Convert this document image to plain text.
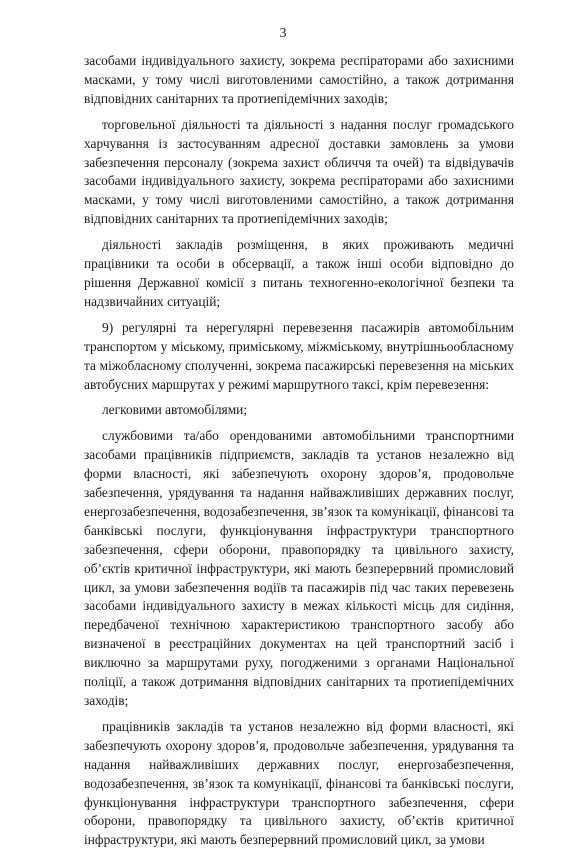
3

засобами індивідуального захисту, зокрема респіраторами або захисними масками, у тому числі виготовленими самостійно, а також дотримання відповідних санітарних та протиепідемічних заходів;

торговельної діяльності та діяльності з надання послуг громадського харчування із застосуванням адресної доставки замовлень за умови забезпечення персоналу (зокрема захист обличчя та очей) та відвідувачів засобами індивідуального захисту, зокрема респіраторами або захисними масками, у тому числі виготовленими самостійно, а також дотримання відповідних санітарних та протиепідемічних заходів;

діяльності закладів розміщення, в яких проживають медичні працівники та особи в обсервації, а також інші особи відповідно до рішення Державної комісії з питань техногенно-екологічної безпеки та надзвичайних ситуацій;

9) регулярні та нерегулярні перевезення пасажирів автомобільним транспортом у міському, приміському, міжміському, внутрішньообласному та міжобласному сполученні, зокрема пасажирські перевезення на міських автобусних маршрутах у режимі маршрутного таксі, крім перевезення:

легковими автомобілями;

службовими та/або орендованими автомобільними транспортними засобами працівників підприємств, закладів та установ незалежно від форми власності, які забезпечують охорону здоров’я, продовольче забезпечення, урядування та надання найважливіших державних послуг, енергозабезпечення, водозабезпечення, зв’язок та комунікації, фінансові та банківські послуги, функціонування інфраструктури транспортного забезпечення, сфери оборони, правопорядку та цивільного захисту, об’єктів критичної інфраструктури, які мають безперервний промисловий цикл, за умови забезпечення водіїв та пасажирів під час таких перевезень засобами індивідуального захисту в межах кількості місць для сидіння, передбаченої технічною характеристикою транспортного засобу або визначеної в реєстраційних документах на цей транспортний засіб і виключно за маршрутами руху, погодженими з органами Національної поліції, а також дотримання відповідних санітарних та протиепідемічних заходів;

працівників закладів та установ незалежно від форми власності, які забезпечують охорону здоров’я, продовольче забезпечення, урядування та надання найважливіших державних послуг, енергозабезпечення, водозабезпечення, зв’язок та комунікації, фінансові та банківські послуги, функціонування інфраструктури транспортного забезпечення, сфери оборони, правопорядку та цивільного захисту, об’єктів критичної інфраструктури, які мають безперервний промисловий цикл, за умови
